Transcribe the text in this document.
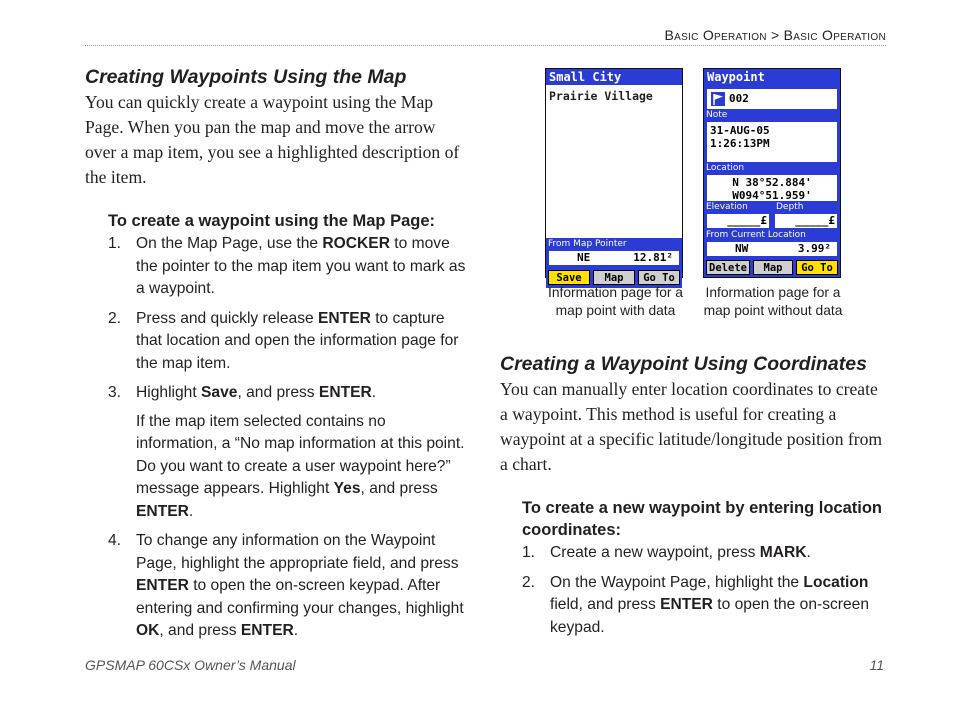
Basic Operation > Basic Operation
Creating Waypoints Using the Map
You can quickly create a waypoint using the Map Page. When you pan the map and move the arrow over a map item, you see a highlighted description of the item.
To create a waypoint using the Map Page:
1. On the Map Page, use the ROCKER to move the pointer to the map item you want to mark as a waypoint.
2. Press and quickly release ENTER to capture that location and open the information page for the map item.
3. Highlight Save, and press ENTER.

If the map item selected contains no information, a “No map information at this point. Do you want to create a user waypoint here?” message appears. Highlight Yes, and press ENTER.

4. To change any information on the Waypoint Page, highlight the appropriate field, and press ENTER to open the on-screen keypad. After entering and confirming your changes, highlight OK, and press ENTER.
Small City
Prairie Village
From Map Pointer
NE	12.81²
Save	Map	Go To
Waypoint
002
Note
31-AUG-05 1:26:13PM
Location
N 38°52.884'
W094°51.959'
Elevation	Depth
_____£	_____£
From Current Location
NW	3.99²
Delete	Map	Go To
Information page for a map point with data
Information page for a map point without data
Creating a Waypoint Using Coordinates
You can manually enter location coordinates to create a waypoint. This method is useful for creating a waypoint at a specific latitude/longitude position from a chart.
To create a new waypoint by entering location coordinates:
1. Create a new waypoint, press MARK.
2. On the Waypoint Page, highlight the Location field, and press ENTER to open the on-screen keypad.
GPSMAP 60CSx Owner’s Manual	11
